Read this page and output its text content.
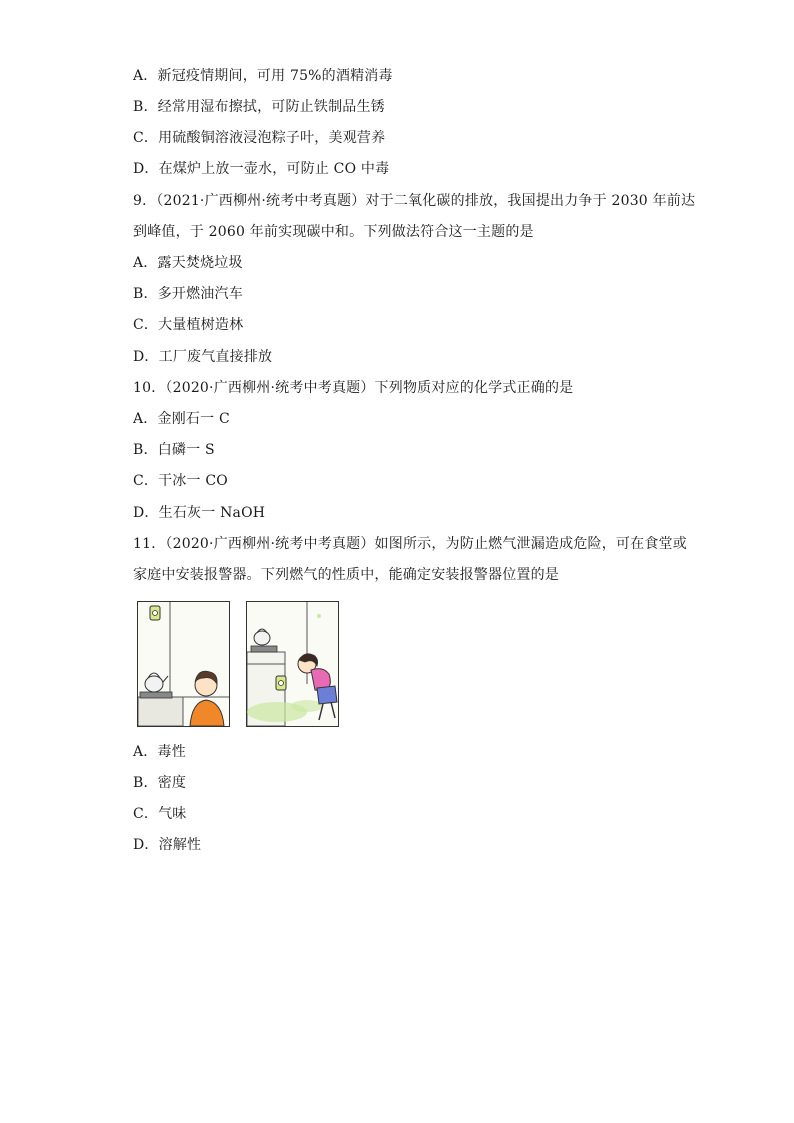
A．新冠疫情期间，可用 75%的酒精消毒
B．经常用湿布擦拭，可防止铁制品生锈
C．用硫酸铜溶液浸泡粽子叶，美观营养
D．在煤炉上放一壶水，可防止 CO 中毒
9．（2021·广西柳州·统考中考真题）对于二氧化碳的排放，我国提出力争于 2030 年前达
到峰值，于 2060 年前实现碳中和。下列做法符合这一主题的是
A．露天焚烧垃圾
B．多开燃油汽车
C．大量植树造林
D．工厂废气直接排放
10．（2020·广西柳州·统考中考真题）下列物质对应的化学式正确的是
A．金刚石一 C
B．白磷一 S
C．干冰一 CO
D．生石灰一 NaOH
11．（2020·广西柳州·统考中考真题）如图所示，为防止燃气泄漏造成危险，可在食堂或
家庭中安装报警器。下列燃气的性质中，能确定安装报警器位置的是
A．毒性
B．密度
C．气味
D．溶解性
